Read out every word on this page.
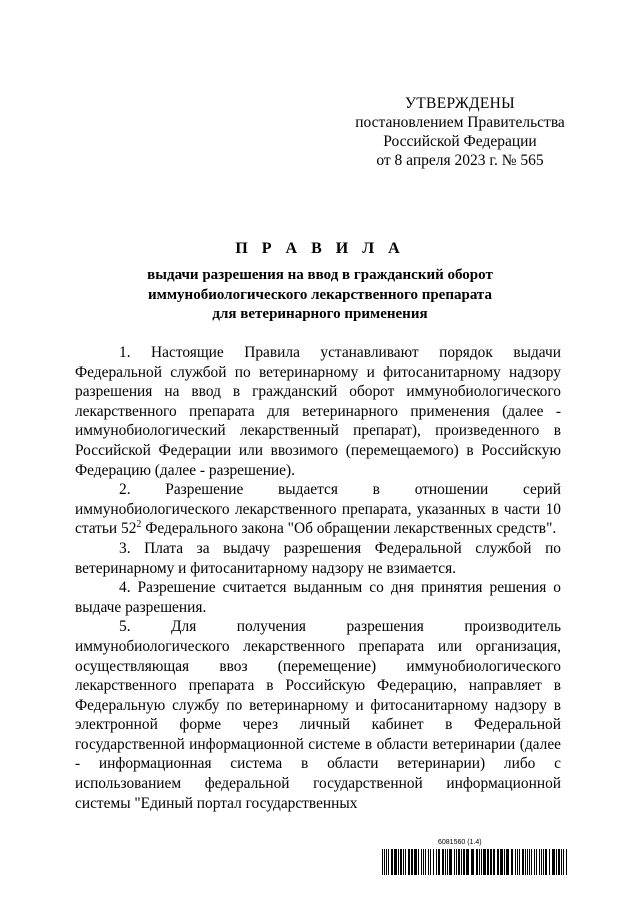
УТВЕРЖДЕНЫ
постановлением Правительства
Российской Федерации
от 8 апреля 2023 г. № 565
П Р А В И Л А
выдачи разрешения на ввод в гражданский оборот
иммунобиологического лекарственного препарата
для ветеринарного применения

1. Настоящие Правила устанавливают порядок выдачи Федеральной службой по ветеринарному и фитосанитарному надзору разрешения на ввод в гражданский оборот иммунобиологического лекарственного препарата для ветеринарного применения (далее - иммунобиологический лекарственный препарат), произведенного в Российской Федерации или ввозимого (перемещаемого) в Российскую Федерацию (далее - разрешение).

2. Разрешение выдается в отношении серий иммунобиологического лекарственного препарата, указанных в части 10 статьи $52^2$ Федерального закона "Об обращении лекарственных средств".

3. Плата за выдачу разрешения Федеральной службой по ветеринарному и фитосанитарному надзору не взимается.

4. Разрешение считается выданным со дня принятия решения о выдаче разрешения.

5. Для получения разрешения производитель иммунобиологического лекарственного препарата или организация, осуществляющая ввоз (перемещение) иммунобиологического лекарственного препарата в Российскую Федерацию, направляет в Федеральную службу по ветеринарному и фитосанитарному надзору в электронной форме через личный кабинет в Федеральной государственной информационной системе в области ветеринарии (далее - информационная система в области ветеринарии) либо с использованием федеральной государственной информационной системы "Единый портал государственных

6081560 (1.4)
